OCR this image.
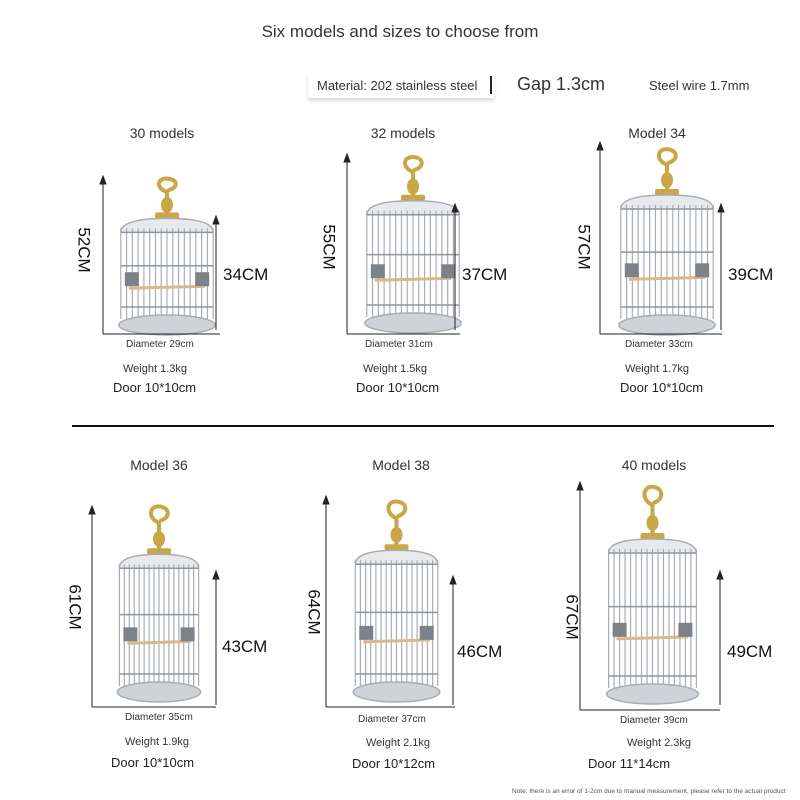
Six models and sizes to choose from
Material: 202 stainless steel Gap 1.3cm	Steel wire 1.7mm
30 models
52CM
34CM
Diameter 29cm
Weight 1.3kg
Door 10*10cm
32 models
55CM
37CM
Diameter 31cm
Weight 1.5kg
Door 10*10cm
Model 34
57CM
39CM
Diameter 33cm
Weight 1.7kg
Door 10*10cm
Model 36
61CM
43CM
Diameter 35cm
Weight 1.9kg
Door 10*10cm
Model 38
64CM
46CM
Diameter 37cm
Weight 2.1kg
Door 10*12cm
40 models
67CM
49CM
Diameter 39cm
Weight 2.3kg
Door 11*14cm
Note: there is an error of 1-2cm due to manual measurement, please refer to the actual product
